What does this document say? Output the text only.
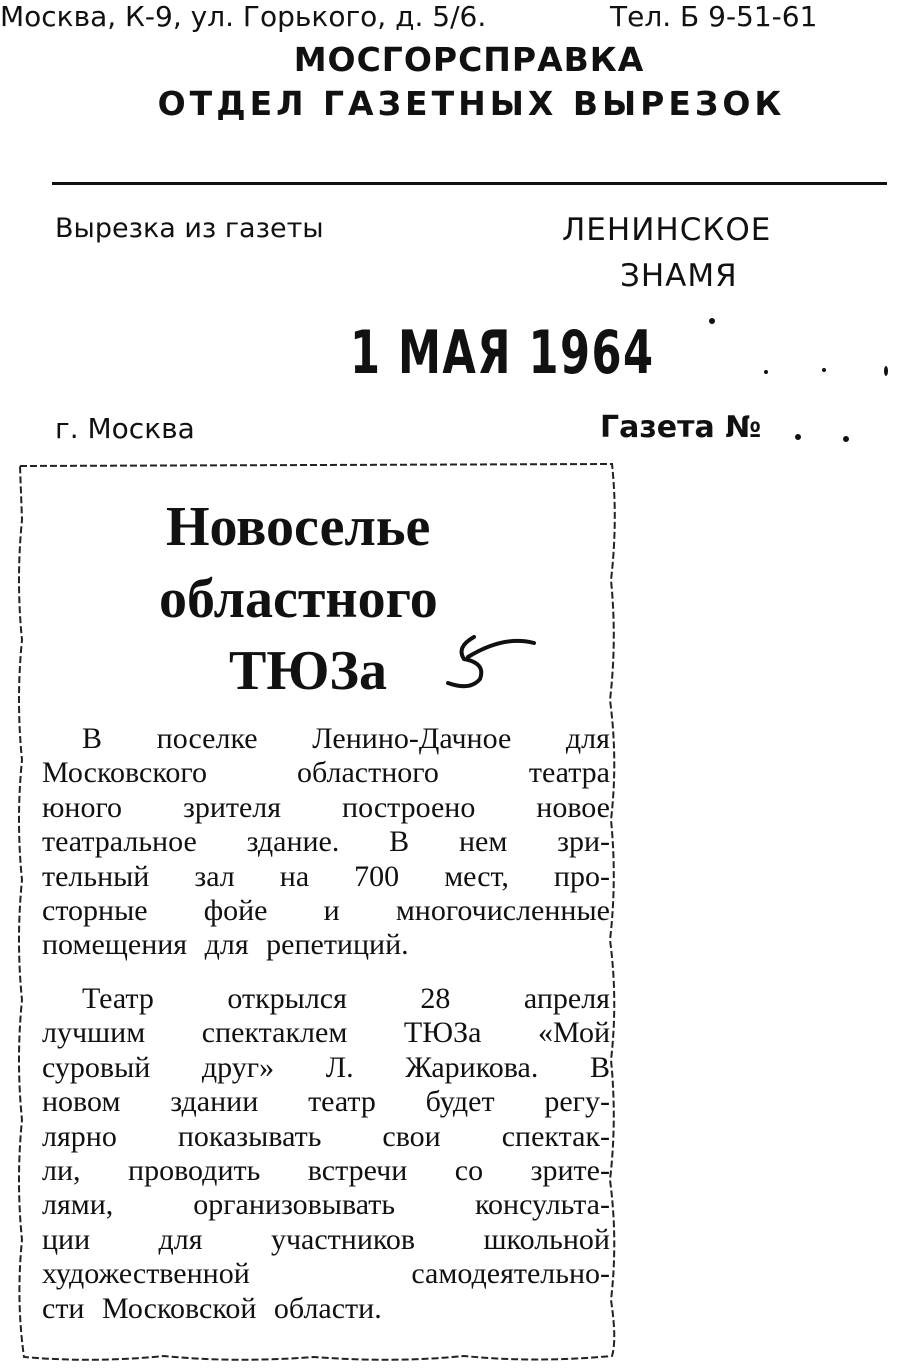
МОСГОРСПРАВКА
ОТДЕЛ ГАЗЕТНЫХ ВЫРЕЗОК
Москва, К-9, ул. Горького, д. 5/6.	Тел. Б 9-51-61
Вырезка из газеты	ЛЕНИНСКОЕ
ЗНАМЯ
1 МАЯ 1964
г. Москва	Газета №
Новоселье
областного
ТЮЗа
В поселке Ленино-Дачное для
Московского	областного	театра
юного зрителя построено новое
театральное здание. В нем зри-
тельный зал на 700 мест, про-
сторные фойе и многочисленные
помещения для репетиций.
Театр открылся 28 апреля
лучшим спектаклем ТЮЗа «Мой
суровый друг» Л. Жарикова. В
новом здании театр будет регу-
лярно показывать свои спектак-
ли, проводить встречи со зрите-
лями,	организовывать	консульта-
ции для участников школьной
художественной	самодеятельно-
сти Московской области.
